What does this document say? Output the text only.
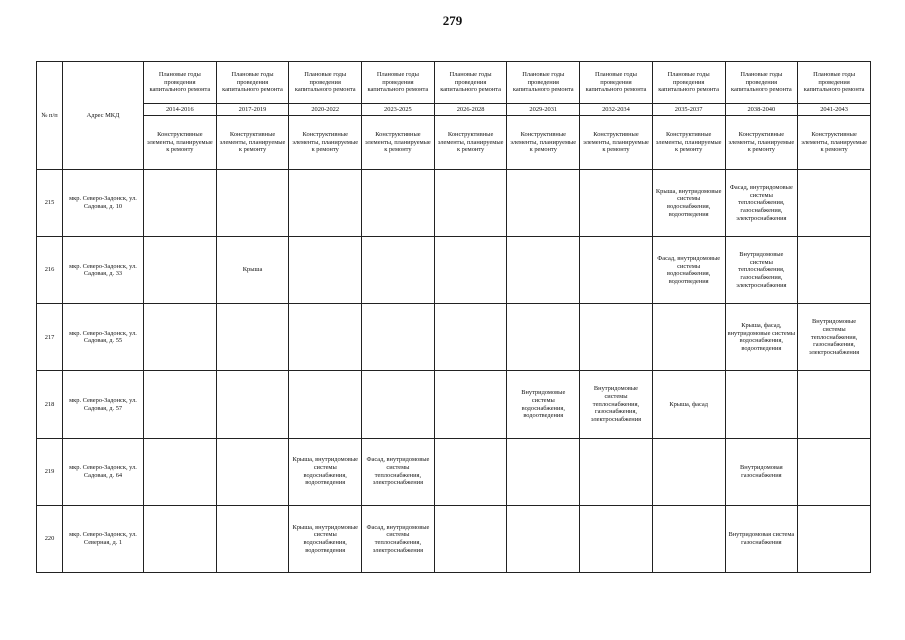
279
№ п/п	Адрес МКД	Плановые годы проведения капитального ремонта	Плановые годы проведения капитального ремонта	Плановые годы проведения капитального ремонта	Плановые годы проведения капитального ремонта	Плановые годы проведения капитального ремонта	Плановые годы проведения капитального ремонта	Плановые годы проведения капитального ремонта	Плановые годы проведения капитального ремонта	Плановые годы проведения капитального ремонта	Плановые годы проведения капитального ремонта
		2014-2016	2017-2019	2020-2022	2023-2025	2026-2028	2029-2031	2032-2034	2035-2037	2038-2040	2041-2043
		Конструктивные элементы, планируемые к ремонту	Конструктивные элементы, планируемые к ремонту	Конструктивные элементы, планируемые к ремонту	Конструктивные элементы, планируемые к ремонту	Конструктивные элементы, планируемые к ремонту	Конструктивные элементы, планируемые к ремонту	Конструктивные элементы, планируемые к ремонту	Конструктивные элементы, планируемые к ремонту	Конструктивные элементы, планируемые к ремонту	Конструктивные элементы, планируемые к ремонту
215	мкр. Северо-Задонск, ул. Садовая, д. 10								Крыша, внутридомовые системы водоснабжения, водоотведения	Фасад, внутридомовые системы теплоснабжения, газоснабжения, электроснабжения	
216	мкр. Северо-Задонск, ул. Садовая, д. 33		Крыша						Фасад, внутридомовые системы водоснабжения, водоотведения	Внутридомовые системы теплоснабжения, газоснабжения, электроснабжения	
217	мкр. Северо-Задонск, ул. Садовая, д. 55									Крыша, фасад, внутридомовые системы водоснабжения, водоотведения	Внутридомовые системы теплоснабжения, газоснабжения, электроснабжения
218	мкр. Северо-Задонск, ул. Садовая, д. 57						Внутридомовые системы водоснабжения, водоотведения	Внутридомовые системы теплоснабжения, газоснабжения, электроснабжения	Крыша, фасад		
219	мкр. Северо-Задонск, ул. Садовая, д. 64			Крыша, внутридомовые системы водоснабжения, водоотведения	Фасад, внутридомовые системы теплоснабжения, электроснабжения					Внутридомовая газоснабжения	
220	мкр. Северо-Задонск, ул. Северная, д. 1			Крыша, внутридомовые системы водоснабжения, водоотведения	Фасад, внутридомовые системы теплоснабжения, электроснабжения					Внутридомовая система газоснабжения	
